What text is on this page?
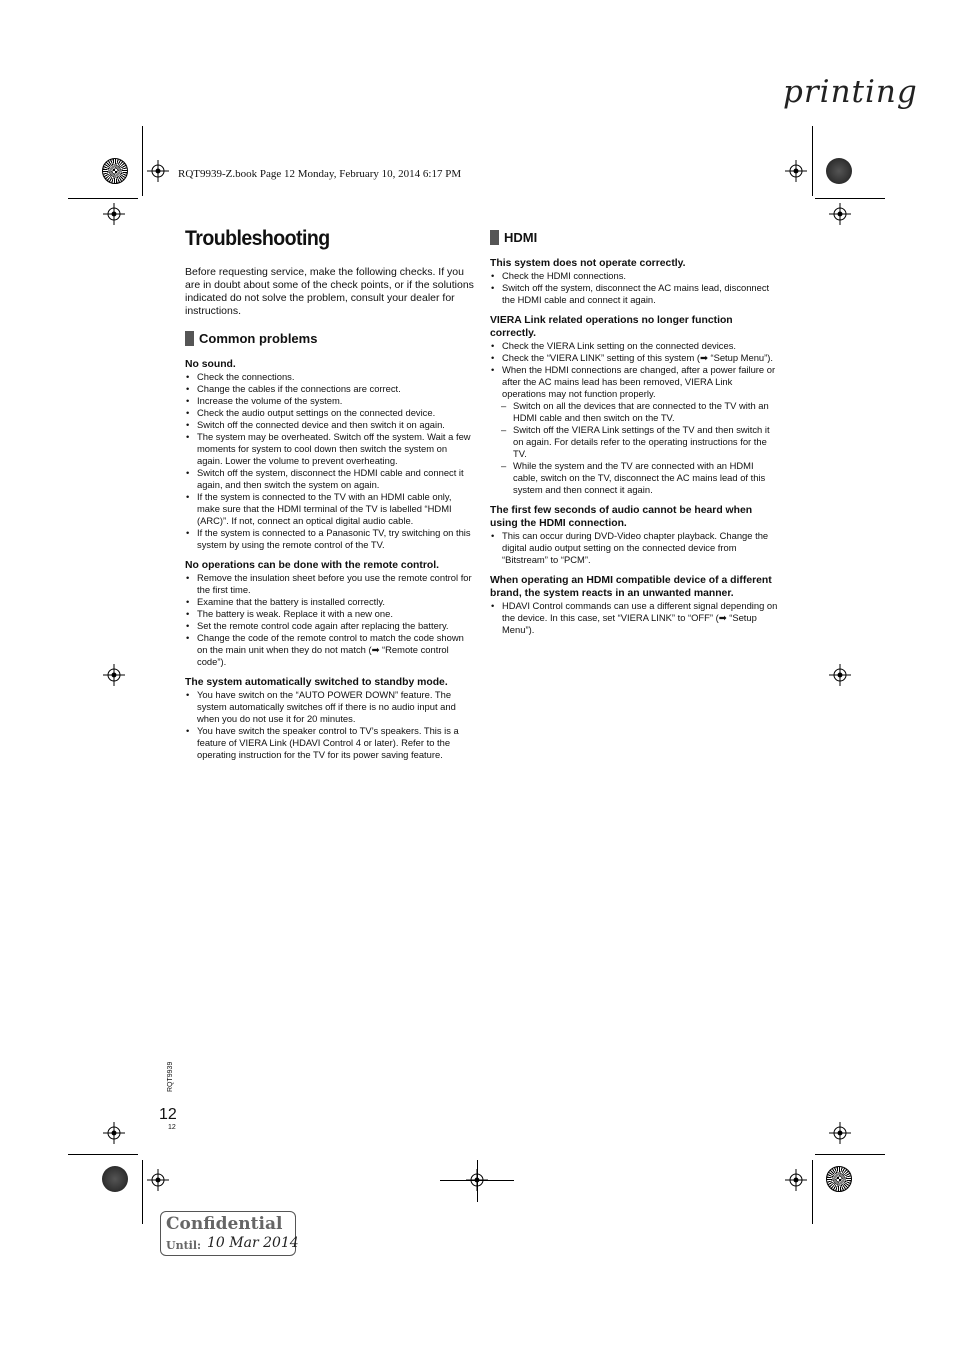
printing
RQT9939-Z.book Page 12 Monday, February 10, 2014 6:17 PM
Troubleshooting
Before requesting service, make the following checks. If you are in doubt about some of the check points, or if the solutions indicated do not solve the problem, consult your dealer for instructions.
Common problems
No sound.
• Check the connections.
• Change the cables if the connections are correct.
• Increase the volume of the system.
• Check the audio output settings on the connected device.
• Switch off the connected device and then switch it on again.
• The system may be overheated. Switch off the system. Wait a few moments for system to cool down then switch the system on again. Lower the volume to prevent overheating.
• Switch off the system, disconnect the HDMI cable and connect it again, and then switch the system on again.
• If the system is connected to the TV with an HDMI cable only, make sure that the HDMI terminal of the TV is labelled “HDMI (ARC)”. If not, connect an optical digital audio cable.
• If the system is connected to a Panasonic TV, try switching on this system by using the remote control of the TV.
No operations can be done with the remote control.
• Remove the insulation sheet before you use the remote control for the first time.
• Examine that the battery is installed correctly.
• The battery is weak. Replace it with a new one.
• Set the remote control code again after replacing the battery.
• Change the code of the remote control to match the code shown on the main unit when they do not match (➡ “Remote control code”).
The system automatically switched to standby mode.
• You have switch on the “AUTO POWER DOWN” feature. The system automatically switches off if there is no audio input and when you do not use it for 20 minutes.
• You have switch the speaker control to TV’s speakers. This is a feature of VIERA Link (HDAVI Control 4 or later). Refer to the operating instruction for the TV for its power saving feature.
HDMI
This system does not operate correctly.
• Check the HDMI connections.
• Switch off the system, disconnect the AC mains lead, disconnect the HDMI cable and connect it again.
VIERA Link related operations no longer function correctly.
• Check the VIERA Link setting on the connected devices.
• Check the “VIERA LINK” setting of this system (➡ “Setup Menu”).
• When the HDMI connections are changed, after a power failure or after the AC mains lead has been removed, VIERA Link operations may not function properly.
– Switch on all the devices that are connected to the TV with an HDMI cable and then switch on the TV.
– Switch off the VIERA Link settings of the TV and then switch it on again. For details refer to the operating instructions for the TV.
– While the system and the TV are connected with an HDMI cable, switch on the TV, disconnect the AC mains lead of this system and then connect it again.
The first few seconds of audio cannot be heard when using the HDMI connection.
• This can occur during DVD-Video chapter playback. Change the digital audio output setting on the connected device from “Bitstream” to “PCM”.
When operating an HDMI compatible device of a different brand, the system reacts in an unwanted manner.
• HDAVI Control commands can use a different signal depending on the device. In this case, set “VIERA LINK” to “OFF” (➡ “Setup Menu”).
RQT9939
12
12
Confidential
Until: 10 Mar 2014
